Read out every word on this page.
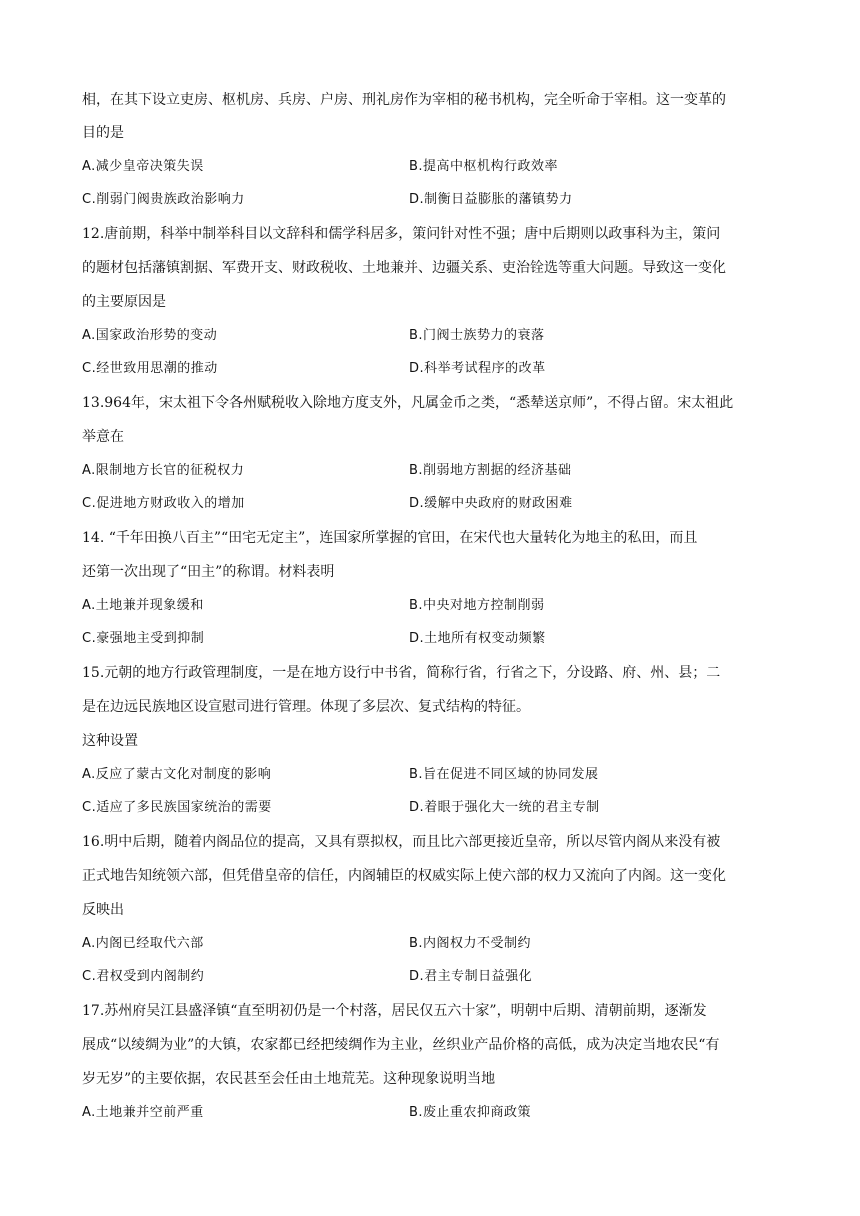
相，在其下设立吏房、枢机房、兵房、户房、刑礼房作为宰相的秘书机构，完全听命于宰相。这一变革的
目的是
A.减少皇帝决策失误	B.提高中枢机构行政效率
C.削弱门阀贵族政治影响力	D.制衡日益膨胀的藩镇势力
12.唐前期，科举中制举科目以文辞科和儒学科居多，策问针对性不强；唐中后期则以政事科为主，策问
的题材包括藩镇割据、军费开支、财政税收、土地兼并、边疆关系、吏治铨选等重大问题。导致这一变化
的主要原因是
A.国家政治形势的变动	B.门阀士族势力的衰落
C.经世致用思潮的推动	D.科举考试程序的改革
13.964年，宋太祖下令各州赋税收入除地方度支外，凡属金币之类，“悉辇送京师”，不得占留。宋太祖此
举意在
A.限制地方长官的征税权力	B.削弱地方割据的经济基础
C.促进地方财政收入的增加	D.缓解中央政府的财政困难
14. “千年田换八百主”“田宅无定主”，连国家所掌握的官田，在宋代也大量转化为地主的私田，而且
还第一次出现了“田主”的称谓。材料表明
A.土地兼并现象缓和	B.中央对地方控制削弱
C.豪强地主受到抑制	D.土地所有权变动频繁
15.元朝的地方行政管理制度，一是在地方设行中书省，简称行省，行省之下，分设路、府、州、县；二
是在边远民族地区设宣慰司进行管理。体现了多层次、复式结构的特征。
这种设置
A.反应了蒙古文化对制度的影响	B.旨在促进不同区域的协同发展
C.适应了多民族国家统治的需要	D.着眼于强化大一统的君主专制
16.明中后期，随着内阁品位的提高，又具有票拟权，而且比六部更接近皇帝，所以尽管内阁从来没有被
正式地告知统领六部，但凭借皇帝的信任，内阁辅臣的权威实际上使六部的权力又流向了内阁。这一变化
反映出
A.内阁已经取代六部	B.内阁权力不受制约
C.君权受到内阁制约	D.君主专制日益强化
17.苏州府吴江县盛泽镇“直至明初仍是一个村落，居民仅五六十家”，明朝中后期、清朝前期，逐渐发
展成“以绫绸为业”的大镇，农家都已经把绫绸作为主业，丝织业产品价格的高低，成为决定当地农民“有
岁无岁”的主要依据，农民甚至会任由土地荒芜。这种现象说明当地
A.土地兼并空前严重	B.废止重农抑商政策
